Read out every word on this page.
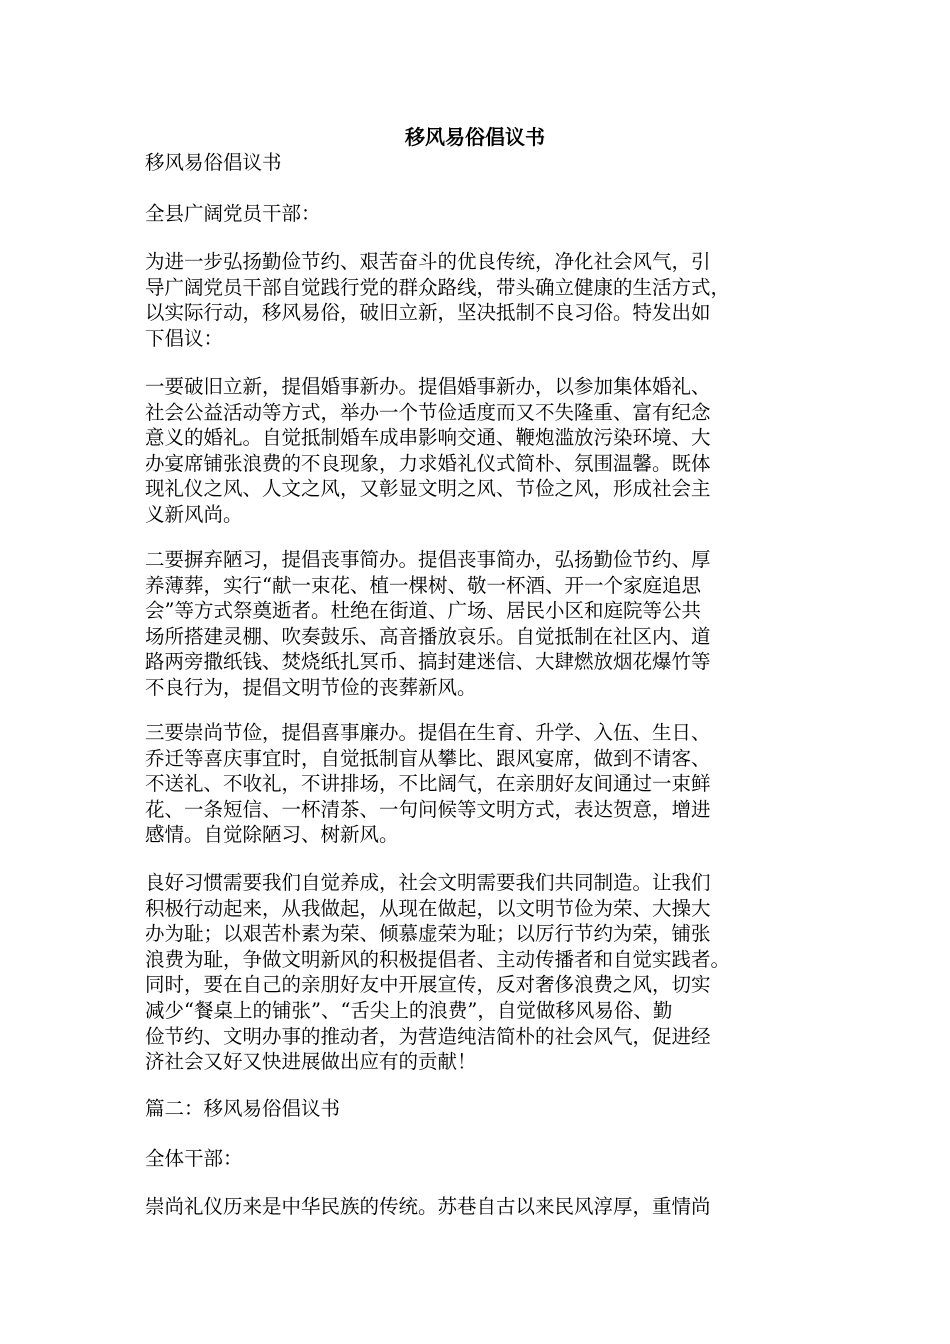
移风易俗倡议书

移风易俗倡议书

全县广阔党员干部：

为进一步弘扬勤俭节约、艰苦奋斗的优良传统，净化社会风气，引
导广阔党员干部自觉践行党的群众路线，带头确立健康的生活方式，
以实际行动，移风易俗，破旧立新，坚决抵制不良习俗。特发出如
下倡议：

一要破旧立新，提倡婚事新办。提倡婚事新办，以参加集体婚礼、
社会公益活动等方式，举办一个节俭适度而又不失隆重、富有纪念
意义的婚礼。自觉抵制婚车成串影响交通、鞭炮滥放污染环境、大
办宴席铺张浪费的不良现象，力求婚礼仪式简朴、氛围温馨。既体
现礼仪之风、人文之风，又彰显文明之风、节俭之风，形成社会主
义新风尚。

二要摒弃陋习，提倡丧事简办。提倡丧事简办，弘扬勤俭节约、厚
养薄葬，实行“献一束花、植一棵树、敬一杯酒、开一个家庭追思
会”等方式祭奠逝者。杜绝在街道、广场、居民小区和庭院等公共
场所搭建灵棚、吹奏鼓乐、高音播放哀乐。自觉抵制在社区内、道
路两旁撒纸钱、焚烧纸扎冥币、搞封建迷信、大肆燃放烟花爆竹等
不良行为，提倡文明节俭的丧葬新风。

三要崇尚节俭，提倡喜事廉办。提倡在生育、升学、入伍、生日、
乔迁等喜庆事宜时，自觉抵制盲从攀比、跟风宴席，做到不请客、
不送礼、不收礼，不讲排场，不比阔气，在亲朋好友间通过一束鲜
花、一条短信、一杯清茶、一句问候等文明方式，表达贺意，增进
感情。自觉除陋习、树新风。

良好习惯需要我们自觉养成，社会文明需要我们共同制造。让我们
积极行动起来，从我做起，从现在做起，以文明节俭为荣、大操大
办为耻；以艰苦朴素为荣、倾慕虚荣为耻；以厉行节约为荣，铺张
浪费为耻，争做文明新风的积极提倡者、主动传播者和自觉实践者。
同时，要在自己的亲朋好友中开展宣传，反对奢侈浪费之风，切实
减少“餐桌上的铺张”、“舌尖上的浪费”，自觉做移风易俗、勤
俭节约、文明办事的推动者，为营造纯洁简朴的社会风气，促进经
济社会又好又快进展做出应有的贡献！

篇二：移风易俗倡议书

全体干部：

崇尚礼仪历来是中华民族的传统。苏巷自古以来民风淳厚，重情尚
